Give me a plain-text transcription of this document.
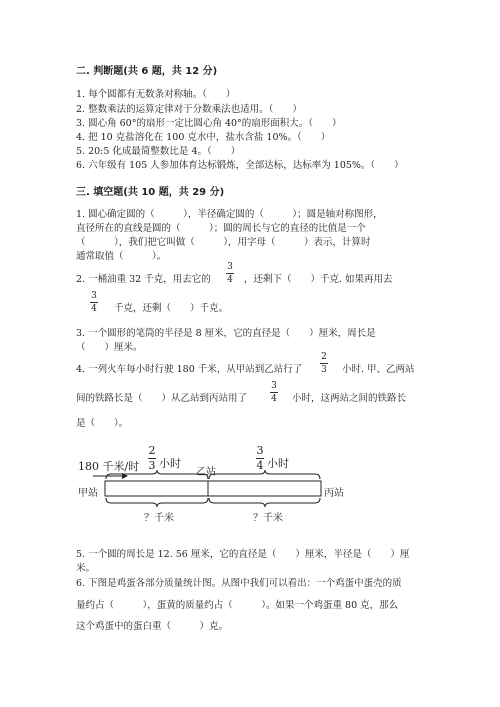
二. 判断题(共 6 题，共 12 分)
1. 每个圆都有无数条对称轴。（　　）
2. 整数乘法的运算定律对于分数乘法也适用。（　　）
3. 圆心角 60°的扇形一定比圆心角 40°的扇形面积大。（　　）
4. 把 10 克盐溶化在 100 克水中，盐水含盐 10%。（　　）
5. 20:5 化成最简整数比是 4。（　　）
6. 六年级有 105 人参加体育达标锻炼，全部达标，达标率为 105%。（　　）
三. 填空题(共 10 题，共 29 分)
1. 圆心确定圆的（　　　），半径确定圆的（　　　）；圆是轴对称图形，
直径所在的直线是圆的（　　　）；圆的周长与它的直径的比值是一个
（　　　），我们把它叫做（　　　），用字母（　　　）表示，计算时
通常取值（　　　）。
2. 一桶油重 32 千克，用去它的
3
4 ，还剩下（　　）千克. 如果再用去
3
4 千克，还剩（　　）千克。
3. 一个圆形的笔筒的半径是 8 厘米，它的直径是（　　）厘米，周长是
（　　）厘米。
4. 一列火车每小时行驶 180 千米，从甲站到乙站行了
2
3 小时. 甲、乙两站
间的铁路长是（　　）从乙站到丙站用了
3
4 小时，这两站之间的铁路长
是（　　）。
180 千米/时
2
3 小时
3
4 小时
甲站
乙站
丙站
？千米	？千米
5. 一个圆的周长是 12. 56 厘米，它的直径是（　　）厘米，半径是（　　）厘
米。
6. 下图是鸡蛋各部分质量统计图。从图中我们可以看出：一个鸡蛋中蛋壳的质
量约占（　　　），蛋黄的质量约占（　　　）。如果一个鸡蛋重 80 克，那么
这个鸡蛋中的蛋白重（　　　）克。
